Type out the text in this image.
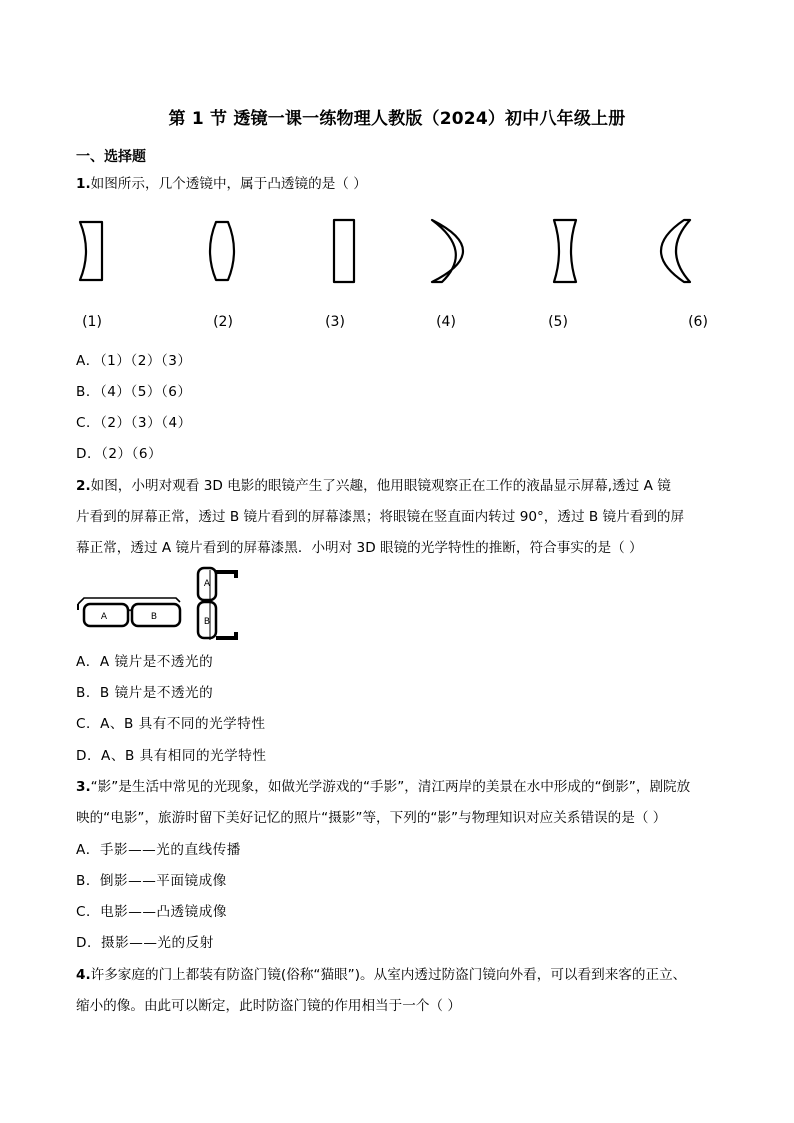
第 1 节 透镜一课一练物理人教版（2024）初中八年级上册
一、选择题
1.如图所示，几个透镜中，属于凸透镜的是（ ）
(1)	(2)	(3)	(4)	(5)	(6)
A．（1）（2）（3）
B．（4）（5）（6）
C．（2）（3）（4）
D．（2）（6）
2.如图，小明对观看 3D 电影的眼镜产生了兴趣，他用眼镜观察正在工作的液晶显示屏幕,透过 A 镜
片看到的屏幕正常，透过 B 镜片看到的屏幕漆黑；将眼镜在竖直面内转过 90°，透过 B 镜片看到的屏
幕正常，透过 A 镜片看到的屏幕漆黑．小明对 3D 眼镜的光学特性的推断，符合事实的是（ ）
A	B
A
B
A．A 镜片是不透光的
B．B 镜片是不透光的
C．A、B 具有不同的光学特性
D．A、B 具有相同的光学特性
3.“影”是生活中常见的光现象，如做光学游戏的“手影”，清江两岸的美景在水中形成的“倒影”，剧院放
映的“电影”，旅游时留下美好记忆的照片“摄影”等，下列的“影”与物理知识对应关系错误的是（ ）
A．手影——光的直线传播
B．倒影——平面镜成像
C．电影——凸透镜成像
D．摄影——光的反射
4.许多家庭的门上都装有防盗门镜(俗称“猫眼”)。从室内透过防盗门镜向外看，可以看到来客的正立、
缩小的像。由此可以断定，此时防盗门镜的作用相当于一个（ ）
